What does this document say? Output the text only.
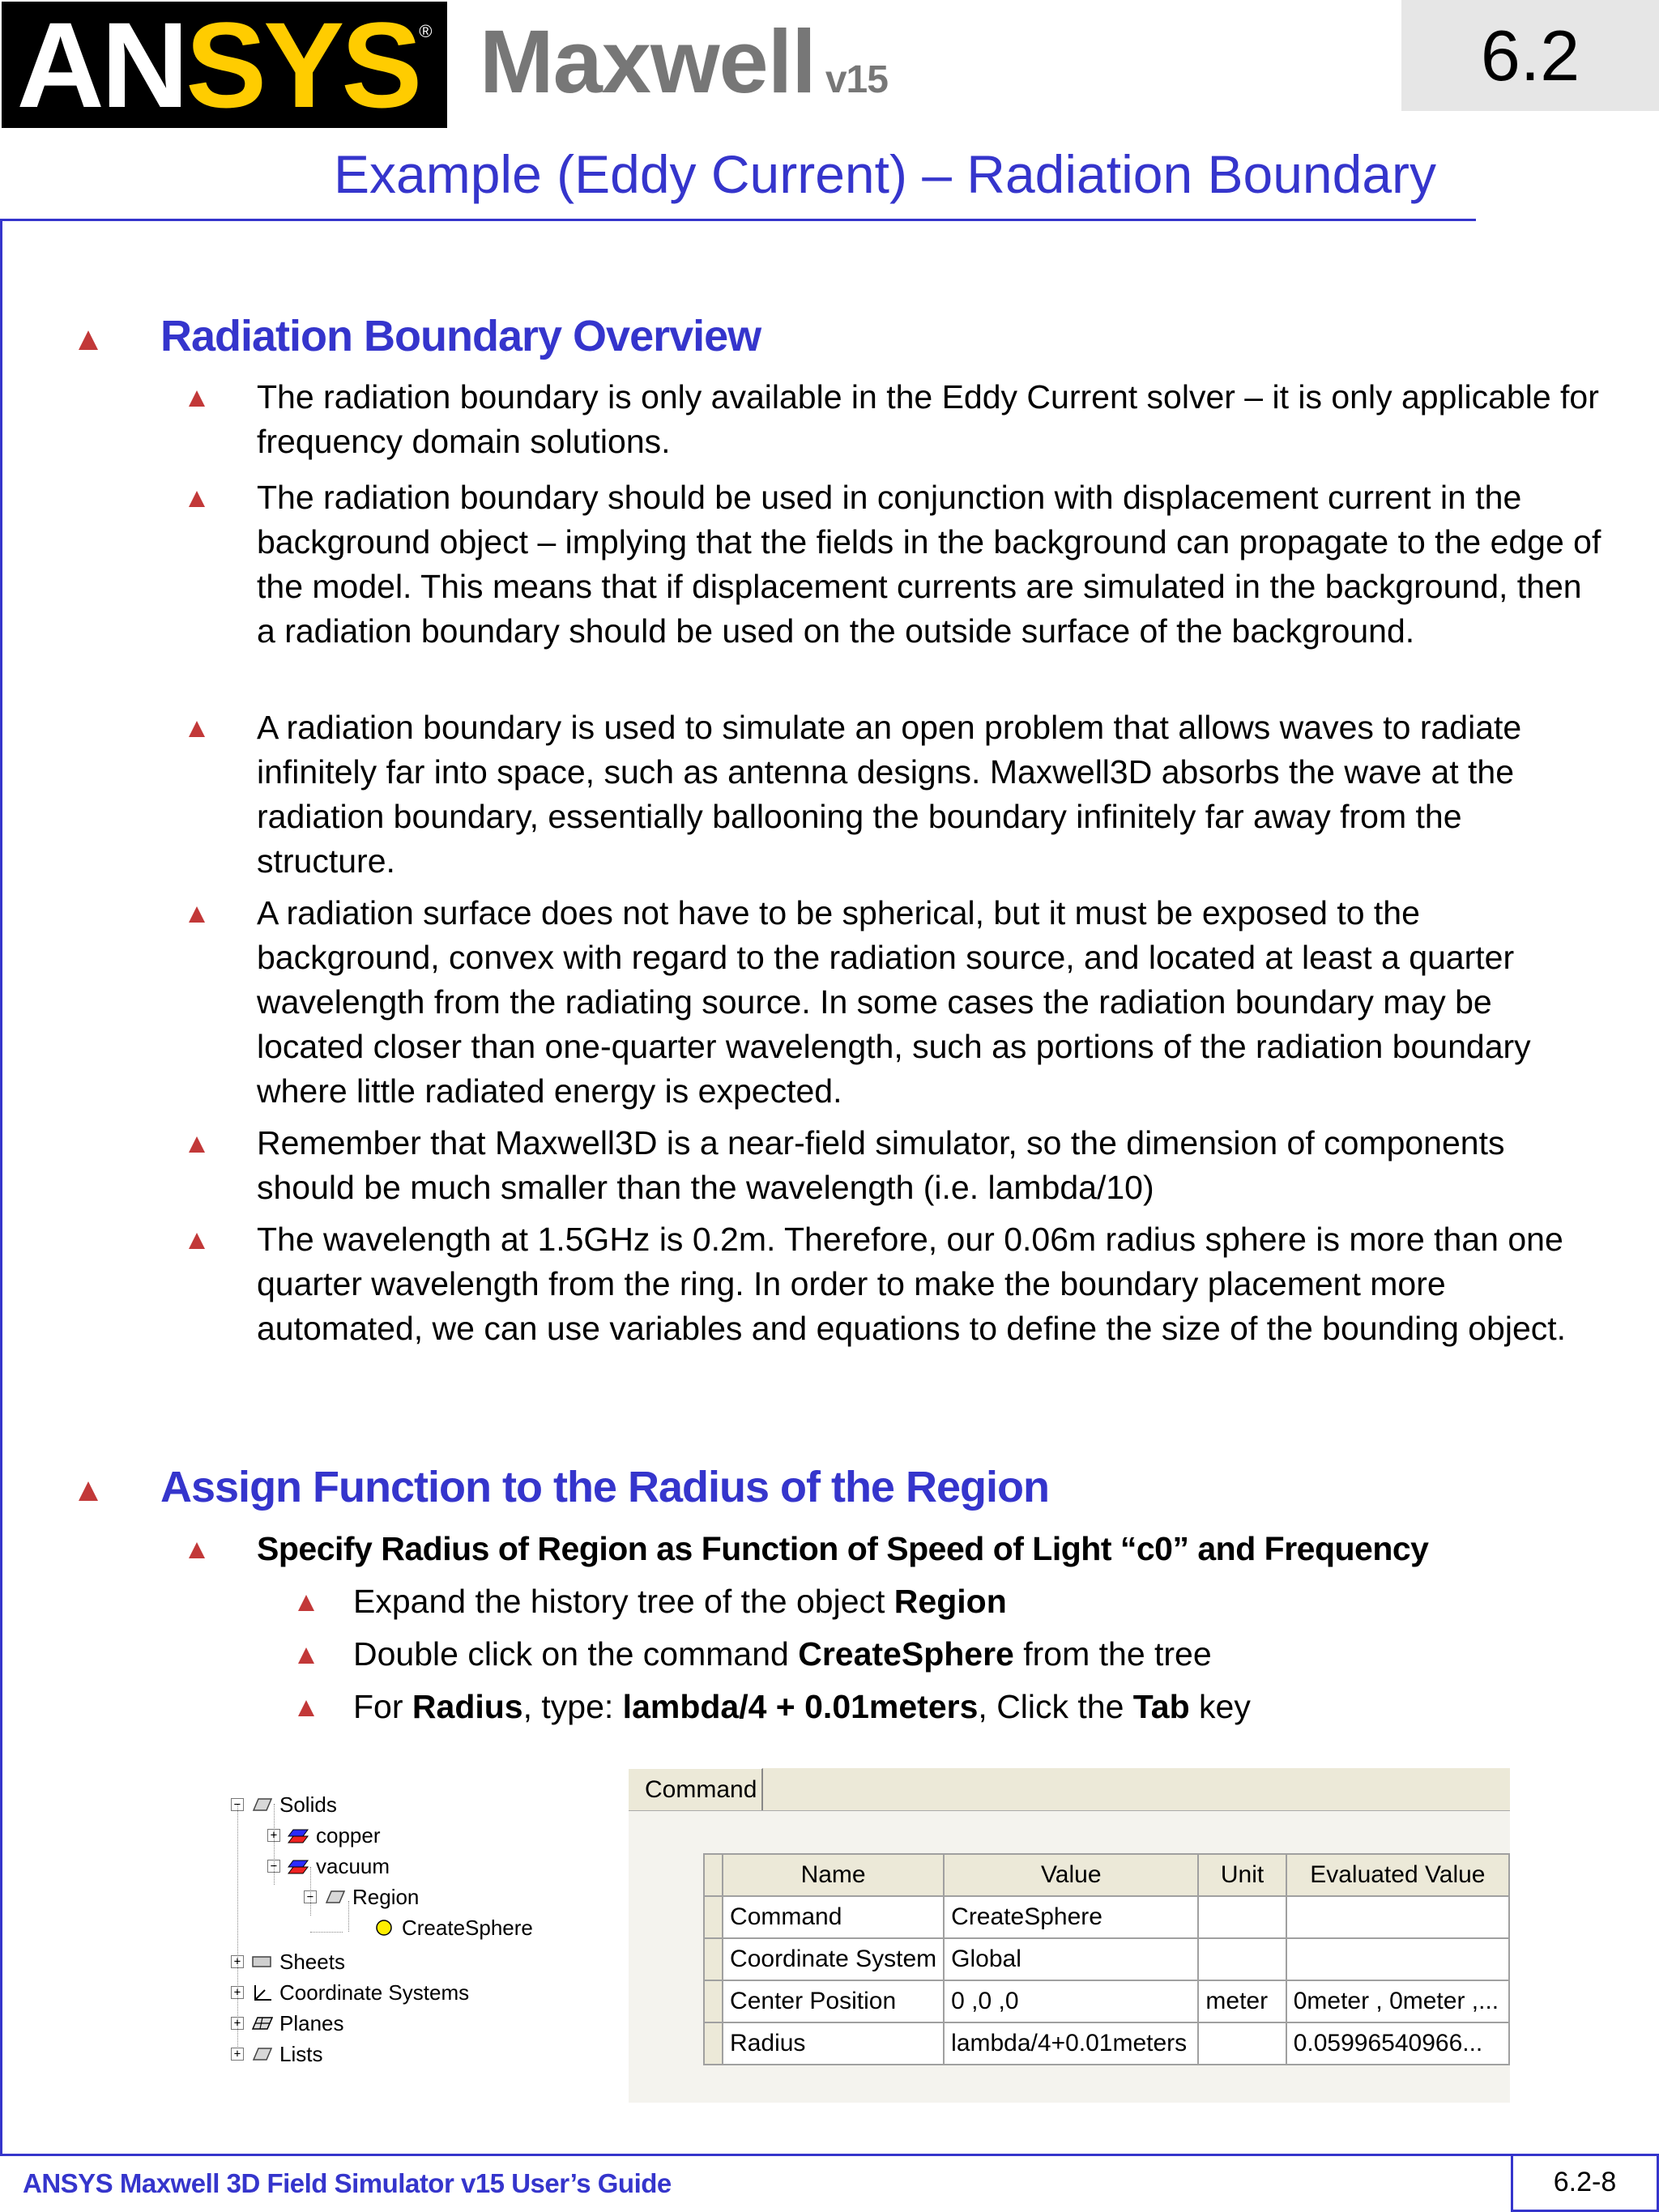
AN SYS ® Maxwell v15	6.2
Example (Eddy Current) – Radiation Boundary
Radiation Boundary Overview
The radiation boundary is only available in the Eddy Current solver – it is only applicable for frequency domain solutions.
The radiation boundary should be used in conjunction with displacement current in the background object – implying that the fields in the background can propagate to the edge of the model. This means that if displacement currents are simulated in the background, then a radiation boundary should be used on the outside surface of the background.
A radiation boundary is used to simulate an open problem that allows waves to radiate infinitely far into space, such as antenna designs. Maxwell3D absorbs the wave at the radiation boundary, essentially ballooning the boundary infinitely far away from the structure.
A radiation surface does not have to be spherical, but it must be exposed to the background, convex with regard to the radiation source, and located at least a quarter wavelength from the radiating source. In some cases the radiation boundary may be located closer than one-quarter wavelength, such as portions of the radiation boundary where little radiated energy is expected.
Remember that Maxwell3D is a near-field simulator, so the dimension of components should be much smaller than the wavelength (i.e. lambda/10)
The wavelength at 1.5GHz is 0.2m. Therefore, our 0.06m radius sphere is more than one quarter wavelength from the ring. In order to make the boundary placement more automated, we can use variables and equations to define the size of the bounding object.
Assign Function to the Radius of the Region
Specify Radius of Region as Function of Speed of Light “c0” and Frequency
Expand the history tree of the object Region
Double click on the command CreateSphere from the tree
For Radius, type: lambda/4 + 0.01meters, Click the Tab key
− Solids
+ copper
− vacuum
− Region
CreateSphere
+ Sheets
+ Coordinate Systems
+ Planes
+ Lists
Command
	Name	Value	Unit	Evaluated Value
	Command	CreateSphere		
	Coordinate System	Global		
	Center Position	0 ,0 ,0	meter	0meter , 0meter ,...
	Radius	lambda/4+0.01meters		0.05996540966...
ANSYS Maxwell 3D Field Simulator v15 User’s Guide	6.2-8
